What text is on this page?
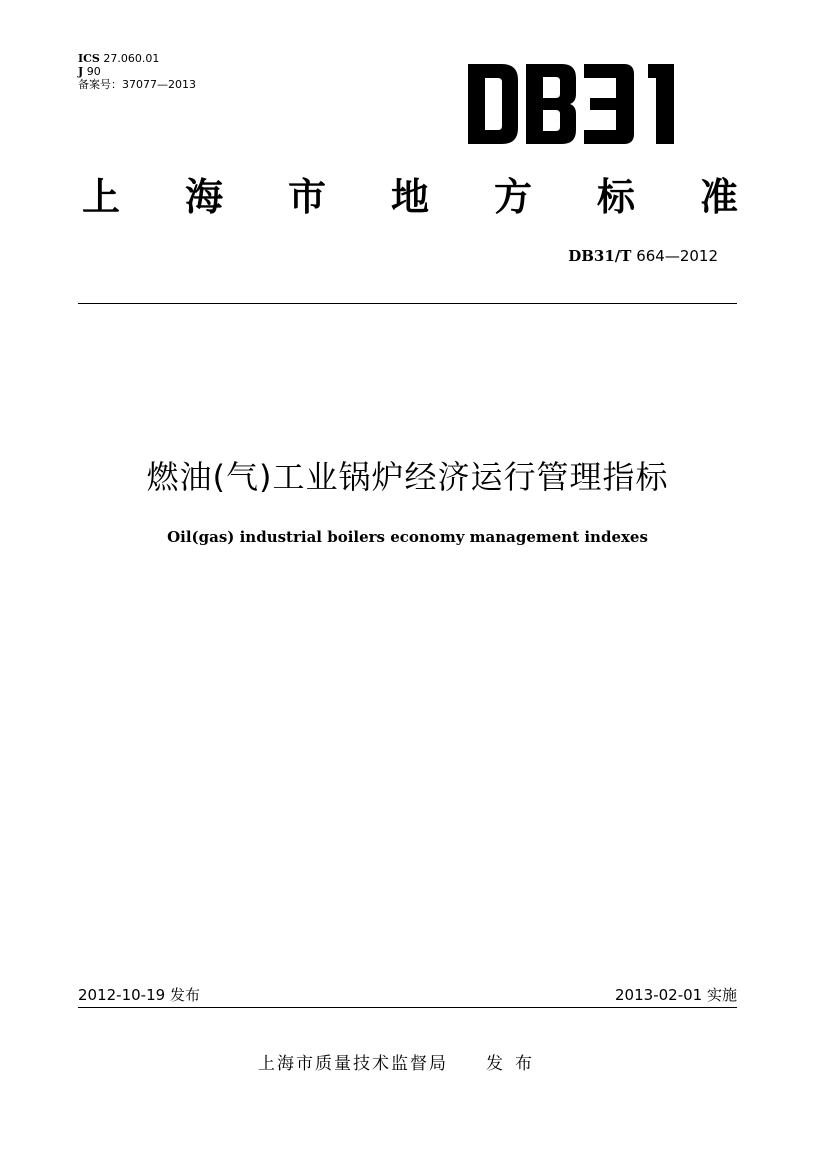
ICS 27.060.01
J 90
备案号：37077—2013
上	海	市	地	方	标	准
DB31/T 664—2012
燃油(气)工业锅炉经济运行管理指标
Oil(gas) industrial boilers economy management indexes
2012-10-19 发布	2013-02-01 实施
上海市质量技术监督局 发布
